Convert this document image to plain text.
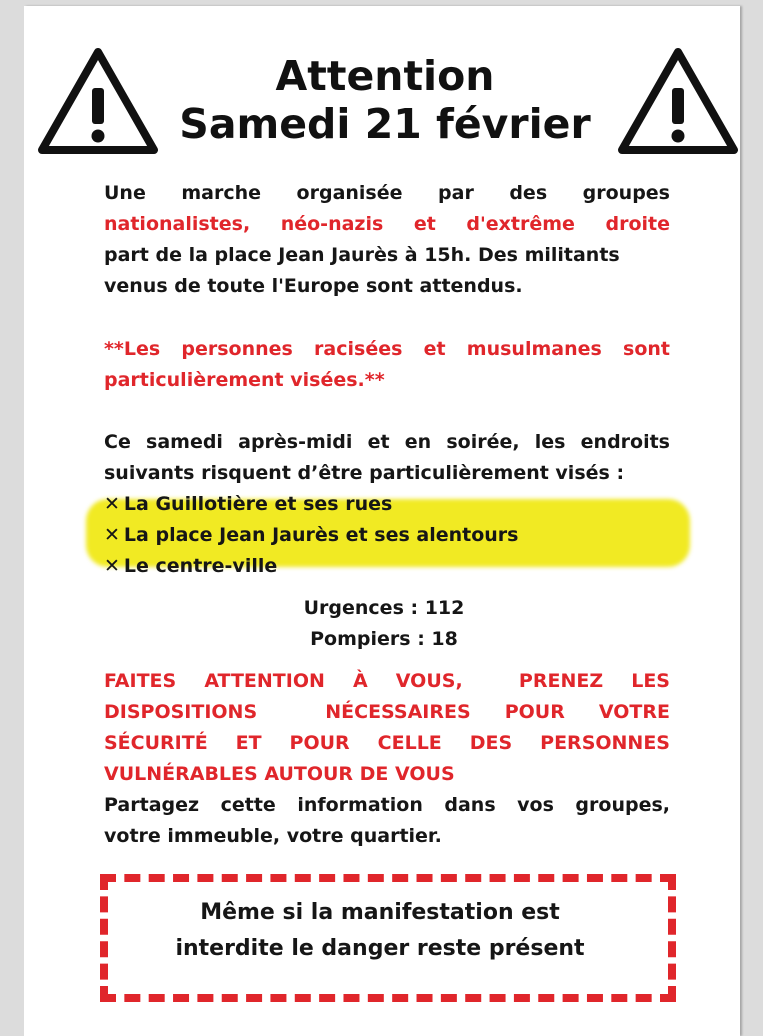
Attention
Samedi 21 février
Une marche organisée par des groupes
nationalistes, néo-nazis et d'extrême droite
part de la place Jean Jaurès à 15h. Des militants
venus de toute l'Europe sont attendus.
**Les personnes racisées et musulmanes sont
particulièrement visées.**
Ce samedi après-midi et en soirée, les endroits
suivants risquent d’être particulièrement visés :
✕ La Guillotière et ses rues
✕ La place Jean Jaurès et ses alentours
✕ Le centre-ville
Urgences : 112
Pompiers : 18
FAITES ATTENTION À VOUS,  PRENEZ LES
DISPOSITIONS  NÉCESSAIRES POUR VOTRE
SÉCURITÉ ET POUR CELLE DES PERSONNES
VULNÉRABLES AUTOUR DE VOUS
Partagez cette information dans vos groupes,
votre immeuble, votre quartier.
Même si la manifestation est
interdite le danger reste présent
